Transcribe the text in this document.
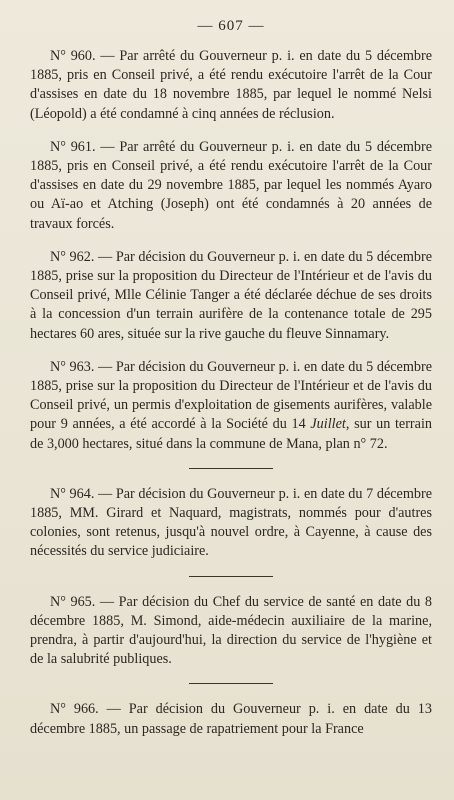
— 607 —

N° 960. — Par arrêté du Gouverneur p. i. en date du 5 décembre 1885, pris en Conseil privé, a été rendu exécutoire l'arrêt de la Cour d'assises en date du 18 novembre 1885, par lequel le nommé Nelsi (Léopold) a été condamné à cinq années de réclusion.

N° 961. — Par arrêté du Gouverneur p. i. en date du 5 décembre 1885, pris en Conseil privé, a été rendu exécutoire l'arrêt de la Cour d'assises en date du 29 novembre 1885, par lequel les nommés Ayaro ou Aï-ao et Atching (Joseph) ont été condamnés à 20 années de travaux forcés.

N° 962. — Par décision du Gouverneur p. i. en date du 5 décembre 1885, prise sur la proposition du Directeur de l'Intérieur et de l'avis du Conseil privé, Mlle Célinie Tanger a été déclarée déchue de ses droits à la concession d'un terrain aurifère de la contenance totale de 295 hectares 60 ares, située sur la rive gauche du fleuve Sinnamary.

N° 963. — Par décision du Gouverneur p. i. en date du 5 décembre 1885, prise sur la proposition du Directeur de l'Intérieur et de l'avis du Conseil privé, un permis d'exploitation de gisements aurifères, valable pour 9 années, a été accordé à la Société du 14 Juillet, sur un terrain de 3,000 hectares, situé dans la commune de Mana, plan n° 72.

N° 964. — Par décision du Gouverneur p. i. en date du 7 décembre 1885, MM. Girard et Naquard, magistrats, nommés pour d'autres colonies, sont retenus, jusqu'à nouvel ordre, à Cayenne, à cause des nécessités du service judiciaire.

N° 965. — Par décision du Chef du service de santé en date du 8 décembre 1885, M. Simond, aide-médecin auxiliaire de la marine, prendra, à partir d'aujourd'hui, la direction du service de l'hygiène et de la salubrité publiques.

N° 966. — Par décision du Gouverneur p. i. en date du 13 décembre 1885, un passage de rapatriement pour la France
